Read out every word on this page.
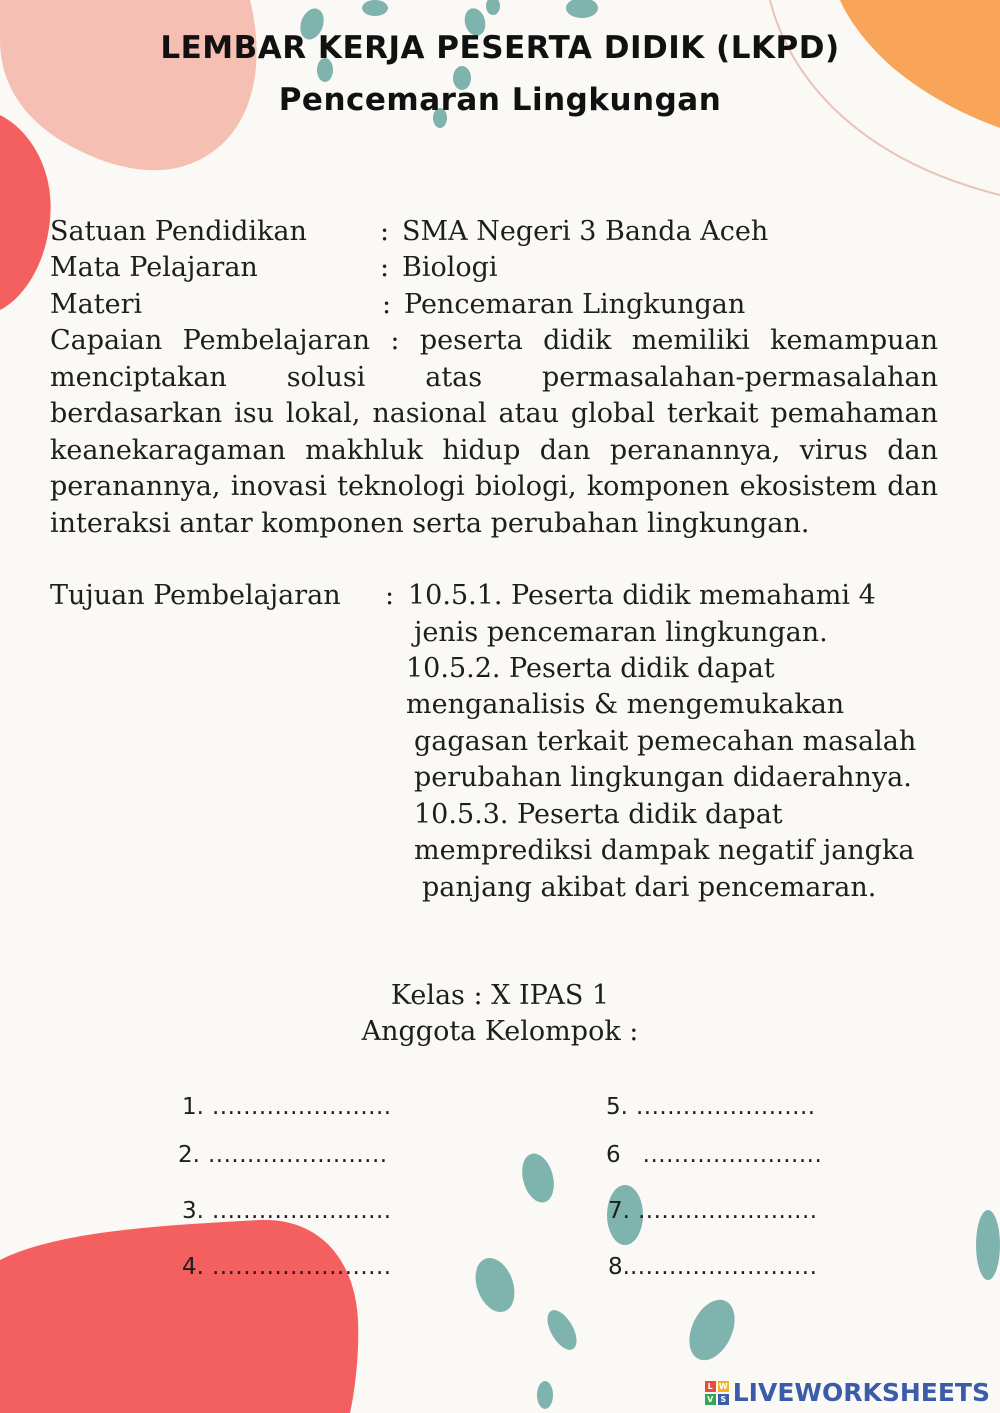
LEMBAR KERJA PESERTA DIDIK (LKPD)
Pencemaran Lingkungan
Satuan Pendidikan	: SMA Negeri 3 Banda Aceh
Mata Pelajaran	: Biologi
Materi	: Pencemaran Lingkungan
Capaian Pembelajaran : peserta didik memiliki kemampuan menciptakan solusi atas permasalahan-permasalahan berdasarkan isu lokal, nasional atau global terkait pemahaman keanekaragaman makhluk hidup dan peranannya, virus dan peranannya, inovasi teknologi biologi, komponen ekosistem dan interaksi antar komponen serta perubahan lingkungan.
Tujuan Pembelajaran : 10.5.1. Peserta didik memahami 4
jenis pencemaran lingkungan.
10.5.2. Peserta didik dapat
menganalisis & mengemukakan
gagasan terkait pemecahan masalah
perubahan lingkungan didaerahnya.
10.5.3. Peserta didik dapat
memprediksi dampak negatif jangka
panjang akibat dari pencemaran.
Kelas : X IPAS 1
Anggota Kelompok :
1. .......................
2. .......................
3. .......................
4. .......................
5. .......................
6 .......................
7. .......................
8.........................
L W
V S LIVEWORKSHEETS
